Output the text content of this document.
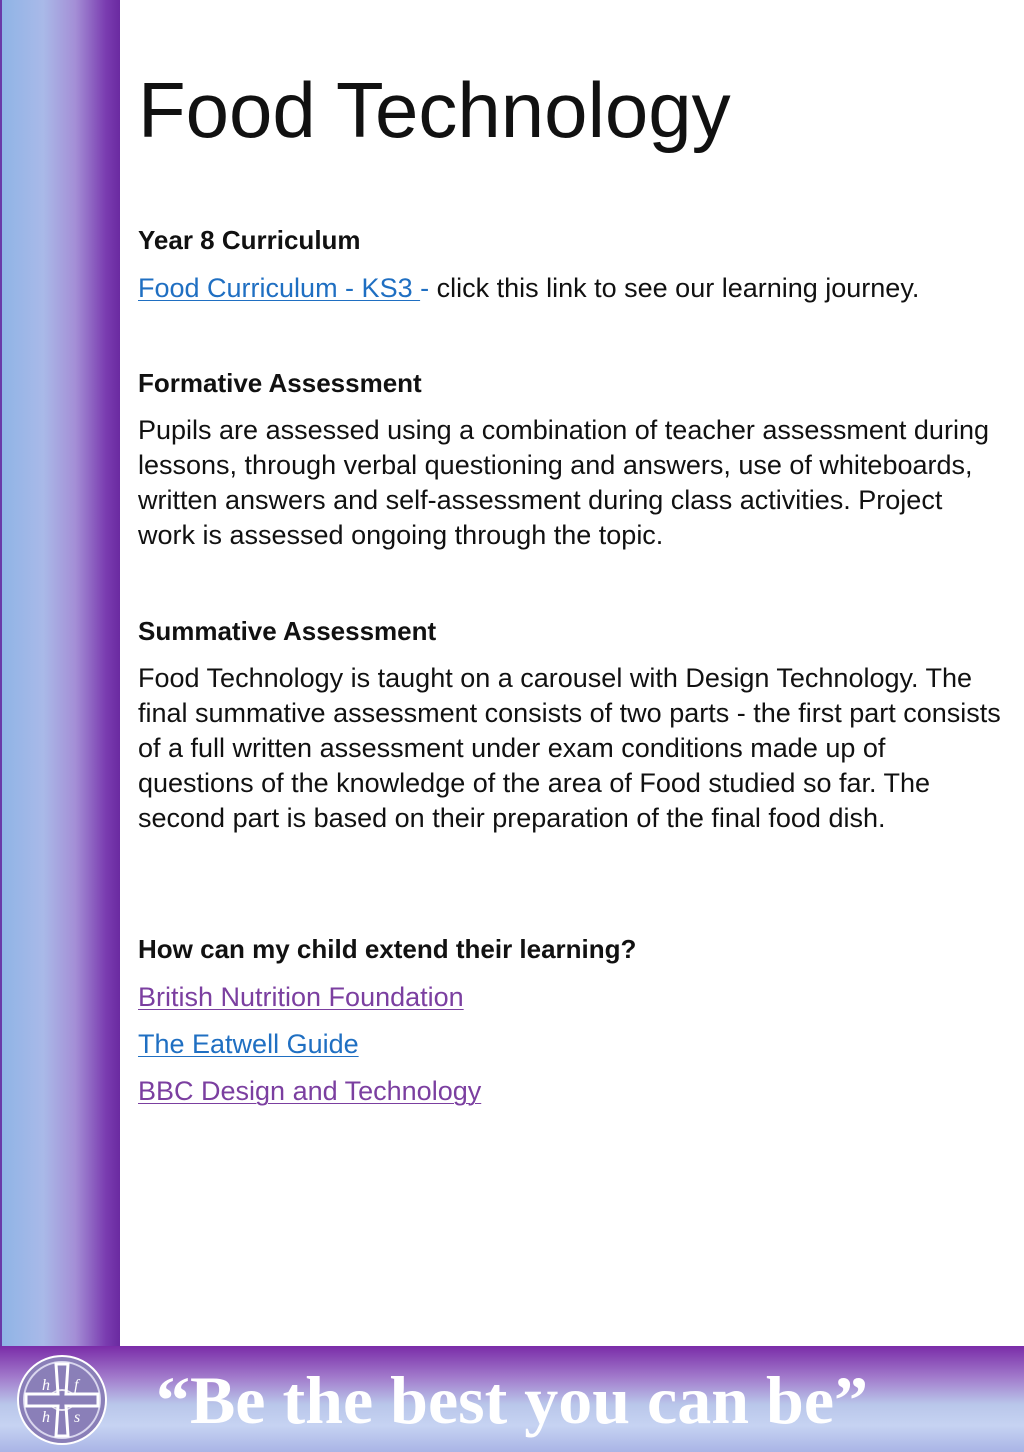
Food Technology
Year 8 Curriculum
Food Curriculum - KS3 - click this link to see our learning journey.
Formative Assessment
Pupils are assessed using a combination of teacher assessment during lessons, through verbal questioning and answers, use of whiteboards, written answers and self-assessment during class activities. Project work is assessed ongoing through the topic.
Summative Assessment
Food Technology is taught on a carousel with Design Technology. The final summative assessment consists of two parts - the first part consists of a full written assessment under exam conditions made up of questions of the knowledge of the area of Food studied so far. The second part is based on their preparation of the final food dish.
How can my child extend their learning?
British Nutrition Foundation
The Eatwell Guide
BBC Design and Technology
h f
h s	“Be the best you can be”
